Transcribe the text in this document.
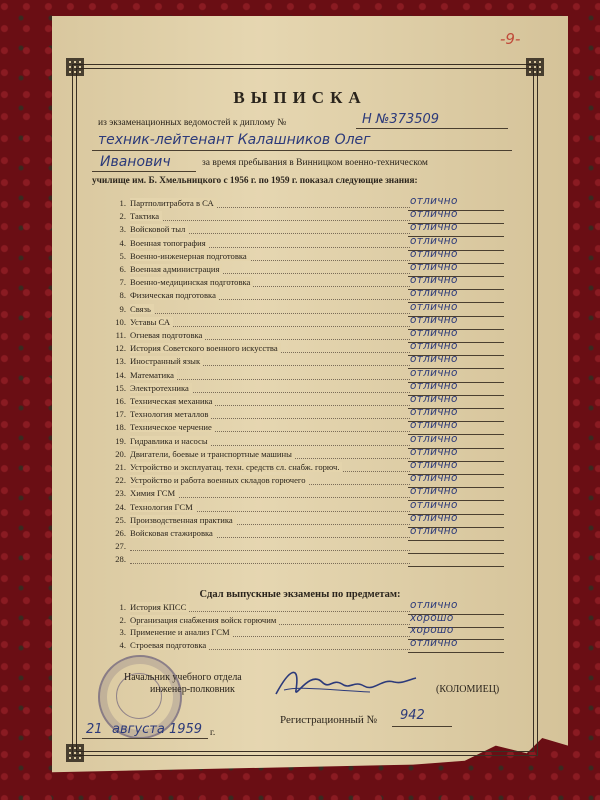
-9-
ВЫПИСКА
из экзаменационных ведомостей к диплому №	Н №373509
техник-лейтенант Калашников Олег
Иванович	за время пребывания в Винницком военно-техническом
училище им. Б. Хмельницкого с 1956 г. по 1959 г. показал следующие знания:
1. Партполитработа в СА	отлично
2. Тактика	отлично
3. Войсковой тыл	отлично
4. Военная топография	отлично
5. Военно-инженерная подготовка	отлично
6. Военная администрация	отлично
7. Военно-медицинская подготовка	отлично
8. Физическая подготовка	отлично
9. Связь	отлично
10. Уставы СА	отлично
11. Огневая подготовка	отлично
12. История Советского военного искусства	отлично
13. Иностранный язык	отлично
14. Математика	отлично
15. Электротехника	отлично
16. Техническая механика	отлично
17. Технология металлов	отлично
18. Техническое черчение	отлично
19. Гидравлика и насосы	отлично
20. Двигатели, боевые и транспортные машины	отлично
21. Устройство и эксплуатац. техн. средств сл. снабж. горюч.	отлично
22. Устройство и работа военных складов горючего	отлично
23. Химия ГСМ	отлично
24. Технология ГСМ	отлично
25. Производственная практика	отлично
26. Войсковая стажировка	отлично
27.
28.
Сдал выпускные экзамены по предметам:
1. История КПСС	отлично
2. Организация снабжения войск горючим	хорошо
3. Применение и анализ ГСМ	хорошо
4. Строевая подготовка	отлично
Начальник учебного отдела
инженер-полковник	(КОЛОМИЕЦ)
21 августа 1959 г.
Регистрационный № 942
